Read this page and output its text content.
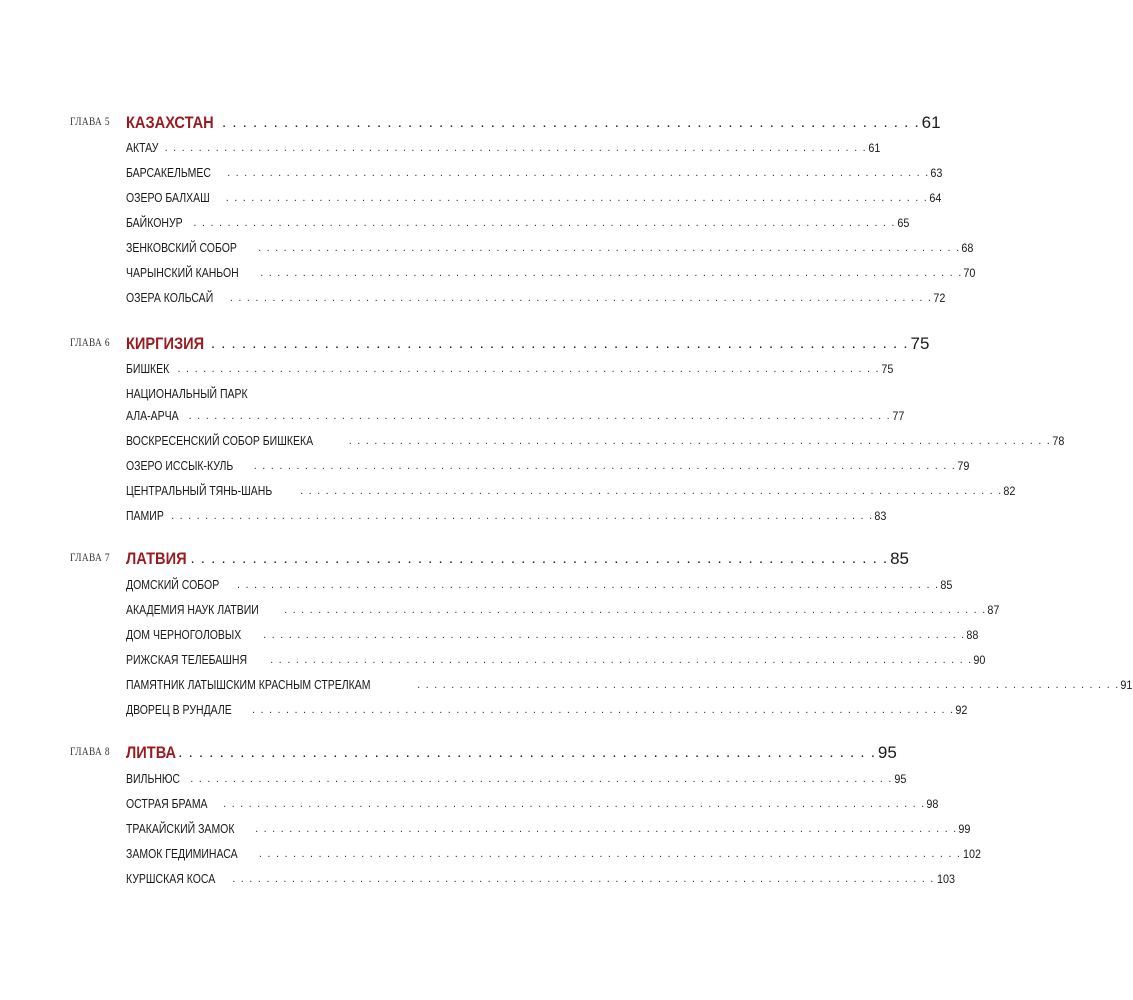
ГЛАВА 5 КАЗАХСТАН . . . . . . . . . . . . . . . . . . . . . . . . . . . . . . . . . . . . . . . . . . . . . . . . . . . . . . . . . . . . . . . . . . . . 61
АКТАУ . . . . . . . . . . . . . . . . . . . . . . . . . . . . . . . . . . . . . . . . . . . . . . . . . . . . . . . . . . . . . . . . . . . . . . . . . . . . . . . . . . . 61
БАРСАКЕЛЬМЕС . . . . . . . . . . . . . . . . . . . . . . . . . . . . . . . . . . . . . . . . . . . . . . . . . . . . . . . . . . . . . . . . . . . . . . . . . . . . . . . . . . . 63
ОЗЕРО БАЛХАШ . . . . . . . . . . . . . . . . . . . . . . . . . . . . . . . . . . . . . . . . . . . . . . . . . . . . . . . . . . . . . . . . . . . . . . . . . . . . . . . . . . . 64
БАЙКОНУР . . . . . . . . . . . . . . . . . . . . . . . . . . . . . . . . . . . . . . . . . . . . . . . . . . . . . . . . . . . . . . . . . . . . . . . . . . . . . . . . . . . 65
ЗЕНКОВСКИЙ СОБОР . . . . . . . . . . . . . . . . . . . . . . . . . . . . . . . . . . . . . . . . . . . . . . . . . . . . . . . . . . . . . . . . . . . . . . . . . . . . . . . . . . . 68
ЧАРЫНСКИЙ КАНЬОН . . . . . . . . . . . . . . . . . . . . . . . . . . . . . . . . . . . . . . . . . . . . . . . . . . . . . . . . . . . . . . . . . . . . . . . . . . . . . . . . . . . 70
ОЗЕРА КОЛЬСАЙ . . . . . . . . . . . . . . . . . . . . . . . . . . . . . . . . . . . . . . . . . . . . . . . . . . . . . . . . . . . . . . . . . . . . . . . . . . . . . . . . . . . 72
ГЛАВА 6 КИРГИЗИЯ . . . . . . . . . . . . . . . . . . . . . . . . . . . . . . . . . . . . . . . . . . . . . . . . . . . . . . . . . . . . . . . . . . . . 75
БИШКЕК . . . . . . . . . . . . . . . . . . . . . . . . . . . . . . . . . . . . . . . . . . . . . . . . . . . . . . . . . . . . . . . . . . . . . . . . . . . . . . . . . . . 75
НАЦИОНАЛЬНЫЙ ПАРК
АЛА-АРЧА . . . . . . . . . . . . . . . . . . . . . . . . . . . . . . . . . . . . . . . . . . . . . . . . . . . . . . . . . . . . . . . . . . . . . . . . . . . . . . . . . . . 77
ВОСКРЕСЕНСКИЙ СОБОР БИШКЕКА	. . . . . . . . . . . . . . . . . . . . . . . . . . . . . . . . . . . . . . . . . . . . . . . . . . . . . . . . . . . . . . . . . . . . . . . . . . . . . . . . . . . 78
ОЗЕРО ИССЫК-КУЛЬ . . . . . . . . . . . . . . . . . . . . . . . . . . . . . . . . . . . . . . . . . . . . . . . . . . . . . . . . . . . . . . . . . . . . . . . . . . . . . . . . . . . 79
ЦЕНТРАЛЬНЫЙ ТЯНЬ-ШАНЬ	. . . . . . . . . . . . . . . . . . . . . . . . . . . . . . . . . . . . . . . . . . . . . . . . . . . . . . . . . . . . . . . . . . . . . . . . . . . . . . . . . . . 82
ПАМИР . . . . . . . . . . . . . . . . . . . . . . . . . . . . . . . . . . . . . . . . . . . . . . . . . . . . . . . . . . . . . . . . . . . . . . . . . . . . . . . . . . . 83
ГЛАВА 7 ЛАТВИЯ . . . . . . . . . . . . . . . . . . . . . . . . . . . . . . . . . . . . . . . . . . . . . . . . . . . . . . . . . . . . . . . . . . . . 85
ДОМСКИЙ СОБОР . . . . . . . . . . . . . . . . . . . . . . . . . . . . . . . . . . . . . . . . . . . . . . . . . . . . . . . . . . . . . . . . . . . . . . . . . . . . . . . . . . . 85
АКАДЕМИЯ НАУК ЛАТВИИ . . . . . . . . . . . . . . . . . . . . . . . . . . . . . . . . . . . . . . . . . . . . . . . . . . . . . . . . . . . . . . . . . . . . . . . . . . . . . . . . . . . 87
ДОМ ЧЕРНОГОЛОВЫХ . . . . . . . . . . . . . . . . . . . . . . . . . . . . . . . . . . . . . . . . . . . . . . . . . . . . . . . . . . . . . . . . . . . . . . . . . . . . . . . . . . . 88
РИЖСКАЯ ТЕЛЕБАШНЯ . . . . . . . . . . . . . . . . . . . . . . . . . . . . . . . . . . . . . . . . . . . . . . . . . . . . . . . . . . . . . . . . . . . . . . . . . . . . . . . . . . . 90
ПАМЯТНИК ЛАТЫШСКИМ КРАСНЫМ СТРЕЛКАМ	. . . . . . . . . . . . . . . . . . . . . . . . . . . . . . . . . . . . . . . . . . . . . . . . . . . . . . . . . . . . . . . . . . . . . . . . . . . . . . . . . . . 91
ДВОРЕЦ В РУНДАЛЕ . . . . . . . . . . . . . . . . . . . . . . . . . . . . . . . . . . . . . . . . . . . . . . . . . . . . . . . . . . . . . . . . . . . . . . . . . . . . . . . . . . . 92
ГЛАВА 8 ЛИТВА . . . . . . . . . . . . . . . . . . . . . . . . . . . . . . . . . . . . . . . . . . . . . . . . . . . . . . . . . . . . . . . . . . . . 95
ВИЛЬНЮС . . . . . . . . . . . . . . . . . . . . . . . . . . . . . . . . . . . . . . . . . . . . . . . . . . . . . . . . . . . . . . . . . . . . . . . . . . . . . . . . . . . 95
ОСТРАЯ БРАМА . . . . . . . . . . . . . . . . . . . . . . . . . . . . . . . . . . . . . . . . . . . . . . . . . . . . . . . . . . . . . . . . . . . . . . . . . . . . . . . . . . . 98
ТРАКАЙСКИЙ ЗАМОК . . . . . . . . . . . . . . . . . . . . . . . . . . . . . . . . . . . . . . . . . . . . . . . . . . . . . . . . . . . . . . . . . . . . . . . . . . . . . . . . . . . 99
ЗАМОК ГЕДИМИНАСА . . . . . . . . . . . . . . . . . . . . . . . . . . . . . . . . . . . . . . . . . . . . . . . . . . . . . . . . . . . . . . . . . . . . . . . . . . . . . . . . . . . 102
КУРШСКАЯ КОСА . . . . . . . . . . . . . . . . . . . . . . . . . . . . . . . . . . . . . . . . . . . . . . . . . . . . . . . . . . . . . . . . . . . . . . . . . . . . . . . . . . . 103
